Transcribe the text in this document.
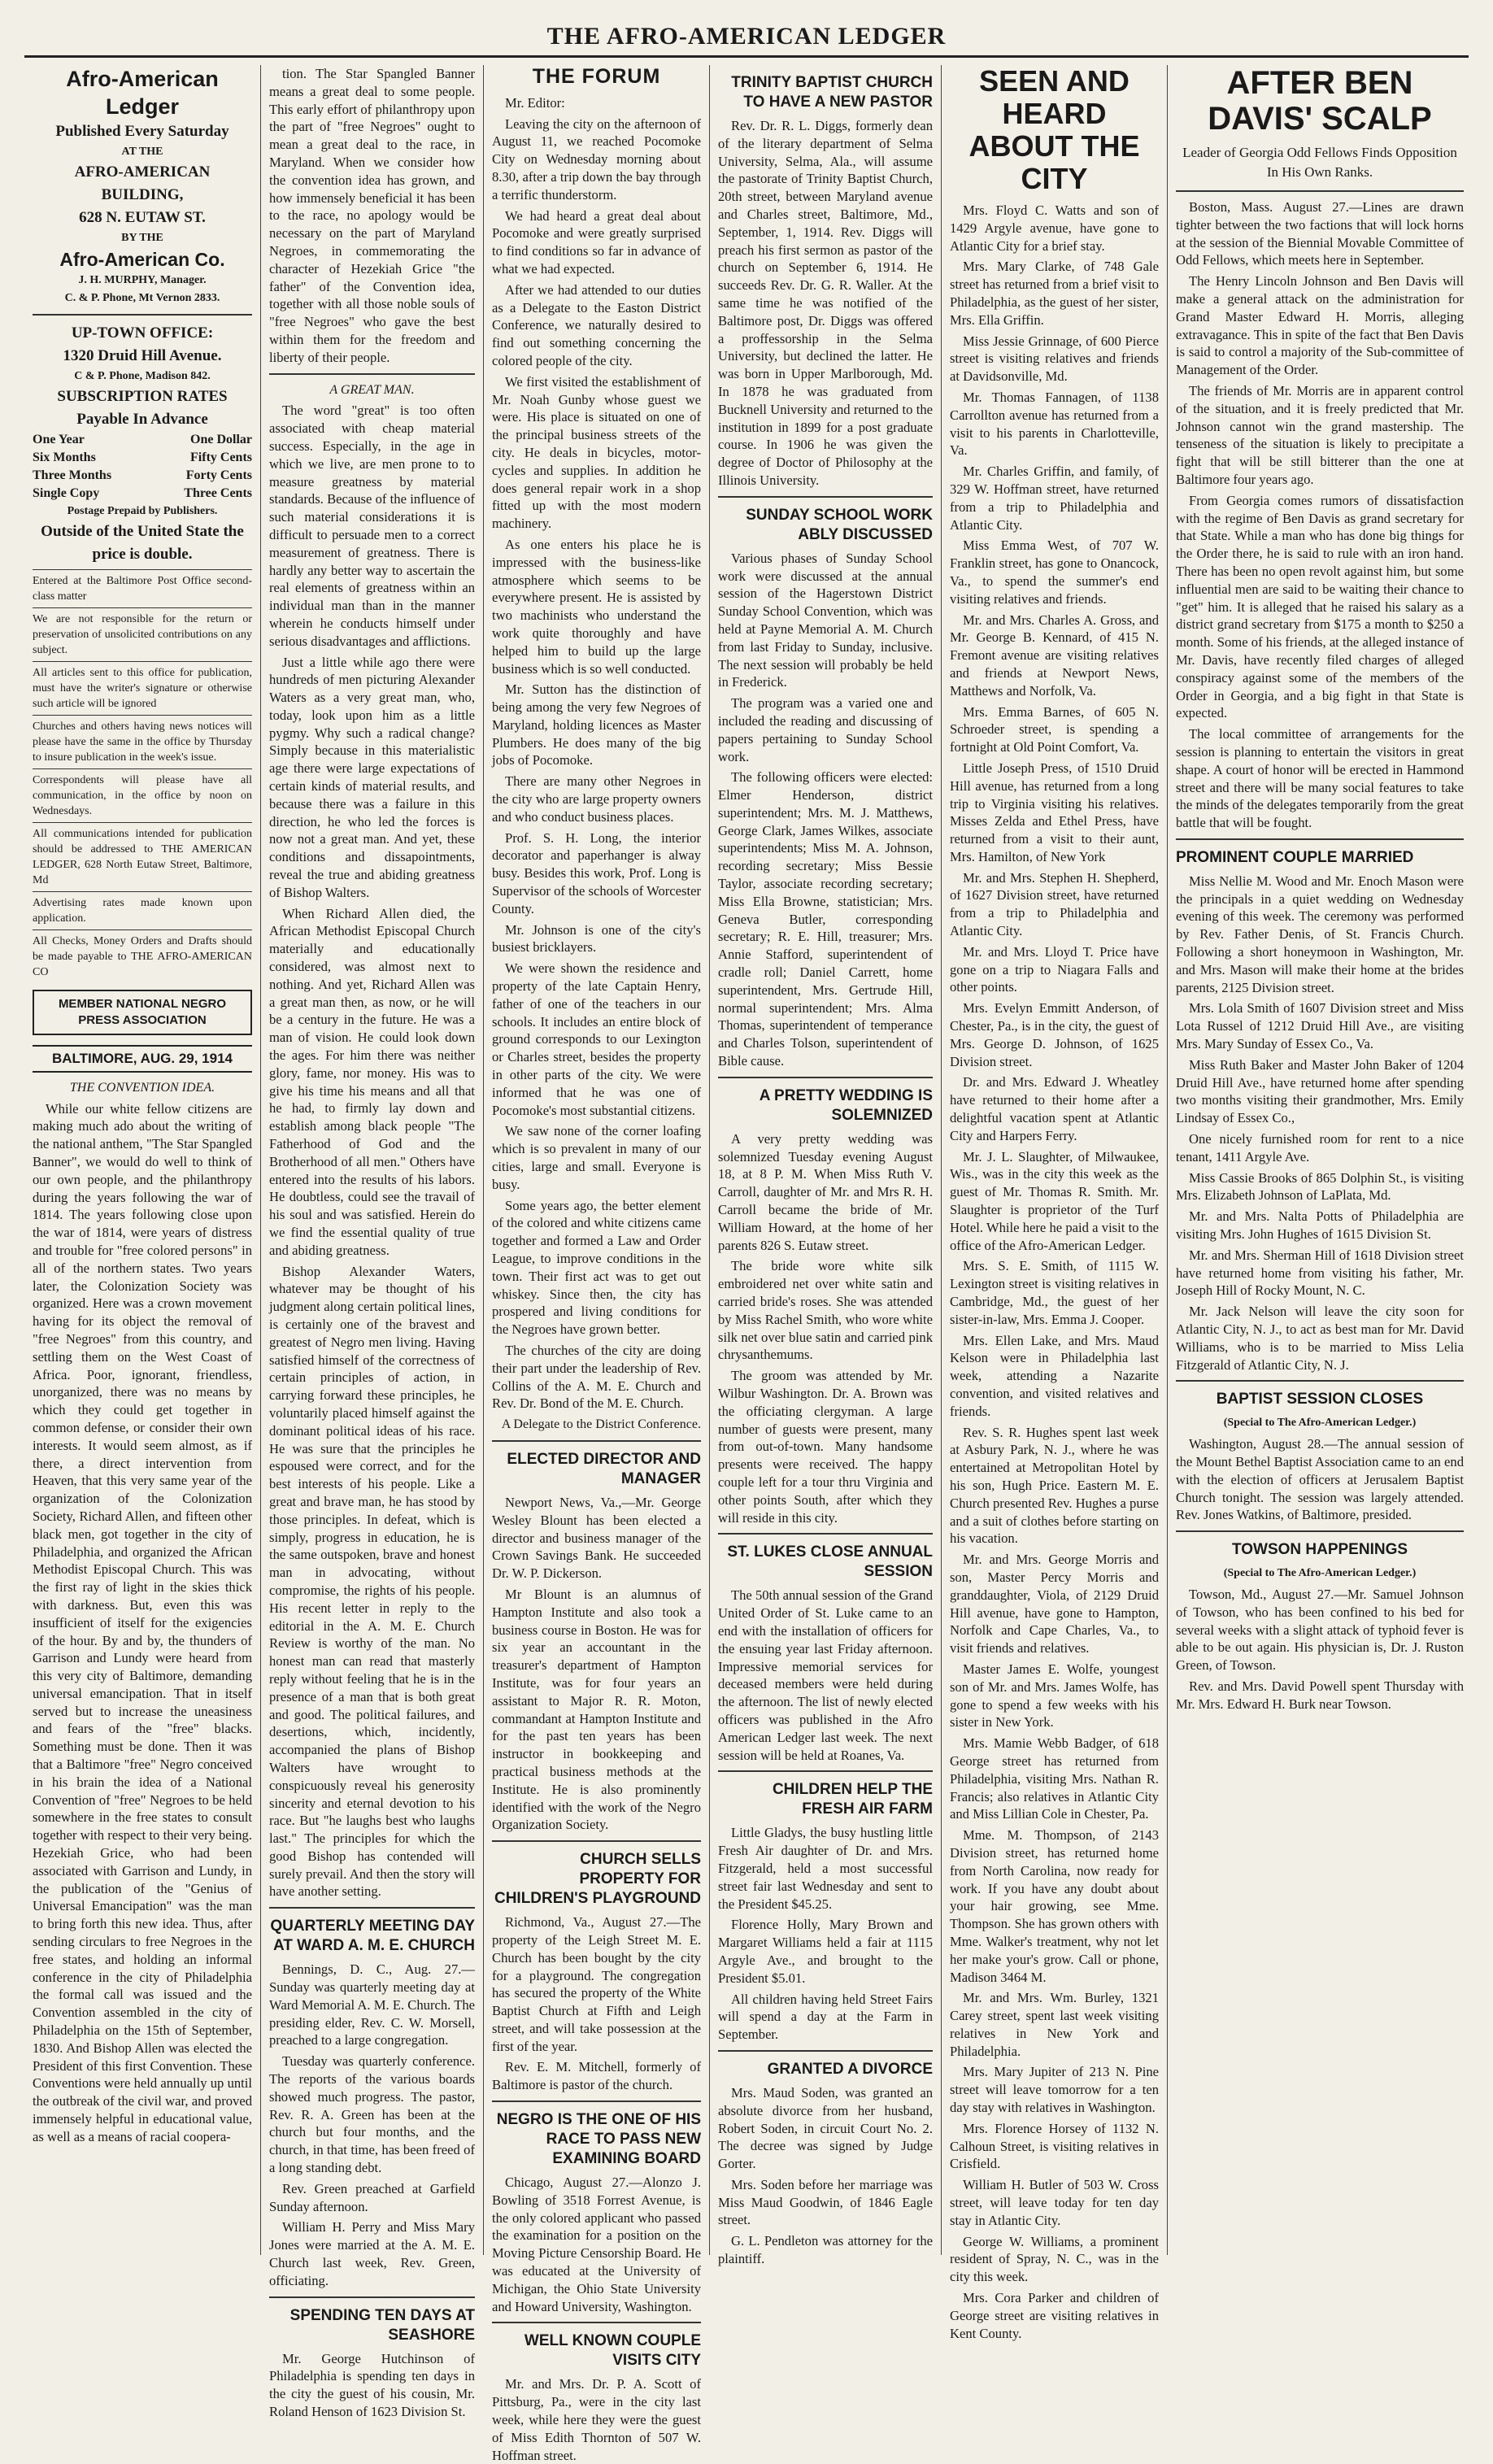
THE AFRO-AMERICAN LEDGER
Afro-American Ledger
Published Every Saturday
AT THE
AFRO-AMERICAN BUILDING,
628 N. EUTAW ST.
BY THE
Afro-American Co.
J. H. MURPHY, Manager.
C. & P. Phone, Mt Vernon 2833.
UP-TOWN OFFICE:
1320 Druid Hill Avenue.
C & P. Phone, Madison 842.
SUBSCRIPTION RATES
Payable In Advance
One Year	One Dollar
Six Months	Fifty Cents
Three Months	Forty Cents
Single Copy	Three Cents
Postage Prepaid by Publishers.
Outside of the United State the price is double.
Entered at the Baltimore Post Office second-class matter
We are not responsible for the return or preservation of unsolicited contributions on any subject.
All articles sent to this office for publication, must have the writer's signature or otherwise such article will be ignored
Churches and others having news notices will please have the same in the office by Thursday to insure publication in the week's issue.
Correspondents will please have all communication, in the office by noon on Wednesdays.
All communications intended for publication should be addressed to THE AMERICAN LEDGER, 628 North Eutaw Street, Baltimore, Md
Advertising rates made known upon application.
All Checks, Money Orders and Drafts should be made payable to THE AFRO-AMERICAN CO
MEMBER NATIONAL NEGRO PRESS ASSOCIATION
BALTIMORE, AUG. 29, 1914
THE CONVENTION IDEA.

While our white fellow citizens are making much ado about the writing of the national anthem, "The Star Spangled Banner", we would do well to think of our own people, and the philanthropy during the years following the war of 1814. The years following close upon the war of 1814, were years of distress and trouble for "free colored persons" in all of the northern states. Two years later, the Colonization Society was organized. Here was a crown movement having for its object the removal of "free Negroes" from this country, and settling them on the West Coast of Africa. Poor, ignorant, friendless, unorganized, there was no means by which they could get together in common defense, or consider their own interests. It would seem almost, as if there, a direct intervention from Heaven, that this very same year of the organization of the Colonization Society, Richard Allen, and fifteen other black men, got together in the city of Philadelphia, and organized the African Methodist Episcopal Church. This was the first ray of light in the skies thick with darkness. But, even this was insufficient of itself for the exigencies of the hour. By and by, the thunders of Garrison and Lundy were heard from this very city of Baltimore, demanding universal emancipation. That in itself served but to increase the uneasiness and fears of the "free" blacks. Something must be done. Then it was that a Baltimore "free" Negro conceived in his brain the idea of a National Convention of "free" Negroes to be held somewhere in the free states to consult together with respect to their very being. Hezekiah Grice, who had been associated with Garrison and Lundy, in the publication of the "Genius of Universal Emancipation" was the man to bring forth this new idea. Thus, after sending circulars to free Negroes in the free states, and holding an informal conference in the city of Philadelphia the formal call was issued and the Convention assembled in the city of Philadelphia on the 15th of September, 1830. And Bishop Allen was elected the President of this first Convention. These Conventions were held annually up until the outbreak of the civil war, and proved immensely helpful in educational value, as well as a means of racial coopera-

tion. The Star Spangled Banner means a great deal to some people. This early effort of philanthropy upon the part of "free Negroes" ought to mean a great deal to the race, in Maryland. When we consider how the convention idea has grown, and how immensely beneficial it has been to the race, no apology would be necessary on the part of Maryland Negroes, in commemorating the character of Hezekiah Grice "the father" of the Convention idea, together with all those noble souls of "free Negroes" who gave the best within them for the freedom and liberty of their people.

A GREAT MAN.

The word "great" is too often associated with cheap material success. Especially, in the age in which we live, are men prone to to measure greatness by material standards. Because of the influence of such material considerations it is difficult to persuade men to a correct measurement of greatness. There is hardly any better way to ascertain the real elements of greatness within an individual man than in the manner wherein he conducts himself under serious disadvantages and afflictions.

Just a little while ago there were hundreds of men picturing Alexander Waters as a very great man, who, today, look upon him as a little pygmy. Why such a radical change? Simply because in this materialistic age there were large expectations of certain kinds of material results, and because there was a failure in this direction, he who led the forces is now not a great man. And yet, these conditions and dissapointments, reveal the true and abiding greatness of Bishop Walters.

When Richard Allen died, the African Methodist Episcopal Church materially and educationally considered, was almost next to nothing. And yet, Richard Allen was a great man then, as now, or he will be a century in the future. He was a man of vision. He could look down the ages. For him there was neither glory, fame, nor money. His was to give his time his means and all that he had, to firmly lay down and establish among black people "The Fatherhood of God and the Brotherhood of all men." Others have entered into the results of his labors. He doubtless, could see the travail of his soul and was satisfied. Herein do we find the essential quality of true and abiding greatness.

Bishop Alexander Waters, whatever may be thought of his judgment along certain political lines, is certainly one of the bravest and greatest of Negro men living. Having satisfied himself of the correctness of certain principles of action, in carrying forward these principles, he voluntarily placed himself against the dominant political ideas of his race. He was sure that the principles he espoused were correct, and for the best interests of his people. Like a great and brave man, he has stood by those principles. In defeat, which is simply, progress in education, he is the same outspoken, brave and honest man in advocating, without compromise, the rights of his people. His recent letter in reply to the editorial in the A. M. E. Church Review is worthy of the man. No honest man can read that masterly reply without feeling that he is in the presence of a man that is both great and good. The political failures, and desertions, which, incidently, accompanied the plans of Bishop Walters have wrought to conspicuously reveal his generosity sincerity and eternal devotion to his race. But "he laughs best who laughs last." The principles for which the good Bishop has contended will surely prevail. And then the story will have another setting.

QUARTERLY MEETING DAY AT WARD A. M. E. CHURCH

Bennings, D. C., Aug. 27.— Sunday was quarterly meeting day at Ward Memorial A. M. E. Church. The presiding elder, Rev. C. W. Morsell, preached to a large congregation.

Tuesday was quarterly conference. The reports of the various boards showed much progress. The pastor, Rev. R. A. Green has been at the church but four months, and the church, in that time, has been freed of a long standing debt.

Rev. Green preached at Garfield Sunday afternoon.

William H. Perry and Miss Mary Jones were married at the A. M. E. Church last week, Rev. Green, officiating.

SPENDING TEN DAYS AT SEASHORE

Mr. George Hutchinson of Philadelphia is spending ten days in the city the guest of his cousin, Mr. Roland Henson of 1623 Division St.

THE FORUM

Mr. Editor:

Leaving the city on the afternoon of August 11, we reached Pocomoke City on Wednesday morning about 8.30, after a trip down the bay through a terrific thunderstorm.

We had heard a great deal about Pocomoke and were greatly surprised to find conditions so far in advance of what we had expected.

After we had attended to our duties as a Delegate to the Easton District Conference, we naturally desired to find out something concerning the colored people of the city.

We first visited the establishment of Mr. Noah Gunby whose guest we were. His place is situated on one of the principal business streets of the city. He deals in bicycles, motor-cycles and supplies. In addition he does general repair work in a shop fitted up with the most modern machinery.

As one enters his place he is impressed with the business-like atmosphere which seems to be everywhere present. He is assisted by two machinists who understand the work quite thoroughly and have helped him to build up the large business which is so well conducted.

Mr. Sutton has the distinction of being among the very few Negroes of Maryland, holding licences as Master Plumbers. He does many of the big jobs of Pocomoke.

There are many other Negroes in the city who are large property owners and who conduct business places.

Prof. S. H. Long, the interior decorator and paperhanger is alway busy. Besides this work, Prof. Long is Supervisor of the schools of Worcester County.

Mr. Johnson is one of the city's busiest bricklayers.

We were shown the residence and property of the late Captain Henry, father of one of the teachers in our schools. It includes an entire block of ground corresponds to our Lexington or Charles street, besides the property in other parts of the city. We were informed that he was one of Pocomoke's most substantial citizens.

We saw none of the corner loafing which is so prevalent in many of our cities, large and small. Everyone is busy.

Some years ago, the better element of the colored and white citizens came together and formed a Law and Order League, to improve conditions in the town. Their first act was to get out whiskey. Since then, the city has prospered and living conditions for the Negroes have grown better.

The churches of the city are doing their part under the leadership of Rev. Collins of the A. M. E. Church and Rev. Dr. Bond of the M. E. Church.

A Delegate to the District Conference.
ELECTED DIRECTOR AND MANAGER

Newport News, Va.,—Mr. George Wesley Blount has been elected a director and business manager of the Crown Savings Bank. He succeeded Dr. W. P. Dickerson.

Mr Blount is an alumnus of Hampton Institute and also took a business course in Boston. He was for six year an accountant in the treasurer's department of Hampton Institute, was for four years an assistant to Major R. R. Moton, commandant at Hampton Institute and for the past ten years has been instructor in bookkeeping and practical business methods at the Institute. He is also prominently identified with the work of the Negro Organization Society.

CHURCH SELLS PROPERTY FOR CHILDREN'S PLAYGROUND

Richmond, Va., August 27.—The property of the Leigh Street M. E. Church has been bought by the city for a playground. The congregation has secured the property of the White Baptist Church at Fifth and Leigh street, and will take possession at the first of the year.

Rev. E. M. Mitchell, formerly of Baltimore is pastor of the church.

NEGRO IS THE ONE OF HIS RACE TO PASS NEW EXAMINING BOARD

Chicago, August 27.—Alonzo J. Bowling of 3518 Forrest Avenue, is the only colored applicant who passed the examination for a position on the Moving Picture Censorship Board. He was educated at the University of Michigan, the Ohio State University and Howard University, Washington.

WELL KNOWN COUPLE VISITS CITY

Mr. and Mrs. Dr. P. A. Scott of Pittsburg, Pa., were in the city last week, while here they were the guest of Miss Edith Thornton of 507 W. Hoffman street.

TRINITY BAPTIST CHURCH TO HAVE A NEW PASTOR

Rev. Dr. R. L. Diggs, formerly dean of the literary department of Selma University, Selma, Ala., will assume the pastorate of Trinity Baptist Church, 20th street, between Maryland avenue and Charles street, Baltimore, Md., September, 1, 1914. Rev. Diggs will preach his first sermon as pastor of the church on September 6, 1914. He succeeds Rev. Dr. G. R. Waller. At the same time he was notified of the Baltimore post, Dr. Diggs was offered a proffessorship in the Selma University, but declined the latter. He was born in Upper Marlborough, Md. In 1878 he was graduated from Bucknell University and returned to the institution in 1899 for a post graduate course. In 1906 he was given the degree of Doctor of Philosophy at the Illinois University.

SUNDAY SCHOOL WORK ABLY DISCUSSED

Various phases of Sunday School work were discussed at the annual session of the Hagerstown District Sunday School Convention, which was held at Payne Memorial A. M. Church from last Friday to Sunday, inclusive. The next session will probably be held in Frederick.

The program was a varied one and included the reading and discussing of papers pertaining to Sunday School work.

The following officers were elected: Elmer Henderson, district superintendent; Mrs. M. J. Matthews, George Clark, James Wilkes, associate superintendents; Miss M. A. Johnson, recording secretary; Miss Bessie Taylor, associate recording secretary; Miss Ella Browne, statistician; Mrs. Geneva Butler, corresponding secretary; R. E. Hill, treasurer; Mrs. Annie Stafford, superintendent of cradle roll; Daniel Carrett, home superintendent, Mrs. Gertrude Hill, normal superintendent; Mrs. Alma Thomas, superintendent of temperance and Charles Tolson, superintendent of Bible cause.

A PRETTY WEDDING IS SOLEMNIZED

A very pretty wedding was solemnized Tuesday evening August 18, at 8 P. M. When Miss Ruth V. Carroll, daughter of Mr. and Mrs R. H. Carroll became the bride of Mr. William Howard, at the home of her parents 826 S. Eutaw street.

The bride wore white silk embroidered net over white satin and carried bride's roses. She was attended by Miss Rachel Smith, who wore white silk net over blue satin and carried pink chrysanthemums.

The groom was attended by Mr. Wilbur Washington. Dr. A. Brown was the officiating clergyman. A large number of guests were present, many from out-of-town. Many handsome presents were received. The happy couple left for a tour thru Virginia and other points South, after which they will reside in this city.

ST. LUKES CLOSE ANNUAL SESSION

The 50th annual session of the Grand United Order of St. Luke came to an end with the installation of officers for the ensuing year last Friday afternoon. Impressive memorial services for deceased members were held during the afternoon. The list of newly elected officers was published in the Afro American Ledger last week. The next session will be held at Roanes, Va.

CHILDREN HELP THE FRESH AIR FARM

Little Gladys, the busy hustling little Fresh Air daughter of Dr. and Mrs. Fitzgerald, held a most successful street fair last Wednesday and sent to the President $45.25.

Florence Holly, Mary Brown and Margaret Williams held a fair at 1115 Argyle Ave., and brought to the President $5.01.

All children having held Street Fairs will spend a day at the Farm in September.

GRANTED A DIVORCE

Mrs. Maud Soden, was granted an absolute divorce from her husband, Robert Soden, in circuit Court No. 2. The decree was signed by Judge Gorter.

Mrs. Soden before her marriage was Miss Maud Goodwin, of 1846 Eagle street.

G. L. Pendleton was attorney for the plaintiff.

SEEN AND HEARD ABOUT THE CITY

Mrs. Floyd C. Watts and son of 1429 Argyle avenue, have gone to Atlantic City for a brief stay.

Mrs. Mary Clarke, of 748 Gale street has returned from a brief visit to Philadelphia, as the guest of her sister, Mrs. Ella Griffin.

Miss Jessie Grinnage, of 600 Pierce street is visiting relatives and friends at Davidsonville, Md.

Mr. Thomas Fannagen, of 1138 Carrollton avenue has returned from a visit to his parents in Charlotteville, Va.

Mr. Charles Griffin, and family, of 329 W. Hoffman street, have returned from a trip to Philadelphia and Atlantic City.

Miss Emma West, of 707 W. Franklin street, has gone to Onancock, Va., to spend the summer's end visiting relatives and friends.

Mr. and Mrs. Charles A. Gross, and Mr. George B. Kennard, of 415 N. Fremont avenue are visiting relatives and friends at Newport News, Matthews and Norfolk, Va.

Mrs. Emma Barnes, of 605 N. Schroeder street, is spending a fortnight at Old Point Comfort, Va.

Little Joseph Press, of 1510 Druid Hill avenue, has returned from a long trip to Virginia visiting his relatives. Misses Zelda and Ethel Press, have returned from a visit to their aunt, Mrs. Hamilton, of New York

Mr. and Mrs. Stephen H. Shepherd, of 1627 Division street, have returned from a trip to Philadelphia and Atlantic City.

Mr. and Mrs. Lloyd T. Price have gone on a trip to Niagara Falls and other points.

Mrs. Evelyn Emmitt Anderson, of Chester, Pa., is in the city, the guest of Mrs. George D. Johnson, of 1625 Division street.

Dr. and Mrs. Edward J. Wheatley have returned to their home after a delightful vacation spent at Atlantic City and Harpers Ferry.

Mr. J. L. Slaughter, of Milwaukee, Wis., was in the city this week as the guest of Mr. Thomas R. Smith. Mr. Slaughter is proprietor of the Turf Hotel. While here he paid a visit to the office of the Afro-American Ledger.

Mrs. S. E. Smith, of 1115 W. Lexington street is visiting relatives in Cambridge, Md., the guest of her sister-in-law, Mrs. Emma J. Cooper.

Mrs. Ellen Lake, and Mrs. Maud Kelson were in Philadelphia last week, attending a Nazarite convention, and visited relatives and friends.

Rev. S. R. Hughes spent last week at Asbury Park, N. J., where he was entertained at Metropolitan Hotel by his son, Hugh Price. Eastern M. E. Church presented Rev. Hughes a purse and a suit of clothes before starting on his vacation.

Mr. and Mrs. George Morris and son, Master Percy Morris and granddaughter, Viola, of 2129 Druid Hill avenue, have gone to Hampton, Norfolk and Cape Charles, Va., to visit friends and relatives.

Master James E. Wolfe, youngest son of Mr. and Mrs. James Wolfe, has gone to spend a few weeks with his sister in New York.

Mrs. Mamie Webb Badger, of 618 George street has returned from Philadelphia, visiting Mrs. Nathan R. Francis; also relatives in Atlantic City and Miss Lillian Cole in Chester, Pa.

Mme. M. Thompson, of 2143 Division street, has returned home from North Carolina, now ready for work. If you have any doubt about your hair growing, see Mme. Thompson. She has grown others with Mme. Walker's treatment, why not let her make your's grow. Call or phone, Madison 3464 M.

Mr. and Mrs. Wm. Burley, 1321 Carey street, spent last week visiting relatives in New York and Philadelphia.

Mrs. Mary Jupiter of 213 N. Pine street will leave tomorrow for a ten day stay with relatives in Washington.

Mrs. Florence Horsey of 1132 N. Calhoun Street, is visiting relatives in Crisfield.

William H. Butler of 503 W. Cross street, will leave today for ten day stay in Atlantic City.

George W. Williams, a prominent resident of Spray, N. C., was in the city this week.

Mrs. Cora Parker and children of George street are visiting relatives in Kent County.

AFTER BEN DAVIS' SCALP
Leader of Georgia Odd Fellows Finds Opposition In His Own Ranks.

Boston, Mass. August 27.—Lines are drawn tighter between the two factions that will lock horns at the session of the Biennial Movable Committee of Odd Fellows, which meets here in September.

The Henry Lincoln Johnson and Ben Davis will make a general attack on the administration for Grand Master Edward H. Morris, alleging extravagance. This in spite of the fact that Ben Davis is said to control a majority of the Sub-committee of Management of the Order.

The friends of Mr. Morris are in apparent control of the situation, and it is freely predicted that Mr. Johnson cannot win the grand mastership. The tenseness of the situation is likely to precipitate a fight that will be still bitterer than the one at Baltimore four years ago.

From Georgia comes rumors of dissatisfaction with the regime of Ben Davis as grand secretary for that State. While a man who has done big things for the Order there, he is said to rule with an iron hand. There has been no open revolt against him, but some influential men are said to be waiting their chance to "get" him. It is alleged that he raised his salary as a district grand secretary from $175 a month to $250 a month. Some of his friends, at the alleged instance of Mr. Davis, have recently filed charges of alleged conspiracy against some of the members of the Order in Georgia, and a big fight in that State is expected.

The local committee of arrangements for the session is planning to entertain the visitors in great shape. A court of honor will be erected in Hammond street and there will be many social features to take the minds of the delegates temporarily from the great battle that will be fought.

PROMINENT COUPLE MARRIED

Miss Nellie M. Wood and Mr. Enoch Mason were the principals in a quiet wedding on Wednesday evening of this week. The ceremony was performed by Rev. Father Denis, of St. Francis Church. Following a short honeymoon in Washington, Mr. and Mrs. Mason will make their home at the brides parents, 2125 Division street.

Mrs. Lola Smith of 1607 Division street and Miss Lota Russel of 1212 Druid Hill Ave., are visiting Mrs. Mary Sunday of Essex Co., Va.

Miss Ruth Baker and Master John Baker of 1204 Druid Hill Ave., have returned home after spending two months visiting their grandmother, Mrs. Emily Lindsay of Essex Co.,

One nicely furnished room for rent to a nice tenant, 1411 Argyle Ave.

Miss Cassie Brooks of 865 Dolphin St., is visiting Mrs. Elizabeth Johnson of LaPlata, Md.

Mr. and Mrs. Nalta Potts of Philadelphia are visiting Mrs. John Hughes of 1615 Division St.

Mr. and Mrs. Sherman Hill of 1618 Division street have returned home from visiting his father, Mr. Joseph Hill of Rocky Mount, N. C.

Mr. Jack Nelson will leave the city soon for Atlantic City, N. J., to act as best man for Mr. David Williams, who is to be married to Miss Lelia Fitzgerald of Atlantic City, N. J.

BAPTIST SESSION CLOSES
(Special to The Afro-American Ledger.)

Washington, August 28.—The annual session of the Mount Bethel Baptist Association came to an end with the election of officers at Jerusalem Baptist Church tonight. The session was largely attended. Rev. Jones Watkins, of Baltimore, presided.

TOWSON HAPPENINGS
(Special to The Afro-American Ledger.)

Towson, Md., August 27.—Mr. Samuel Johnson of Towson, who has been confined to his bed for several weeks with a slight attack of typhoid fever is able to be out again. His physician is, Dr. J. Ruston Green, of Towson.

Rev. and Mrs. David Powell spent Thursday with Mr. Mrs. Edward H. Burk near Towson.
